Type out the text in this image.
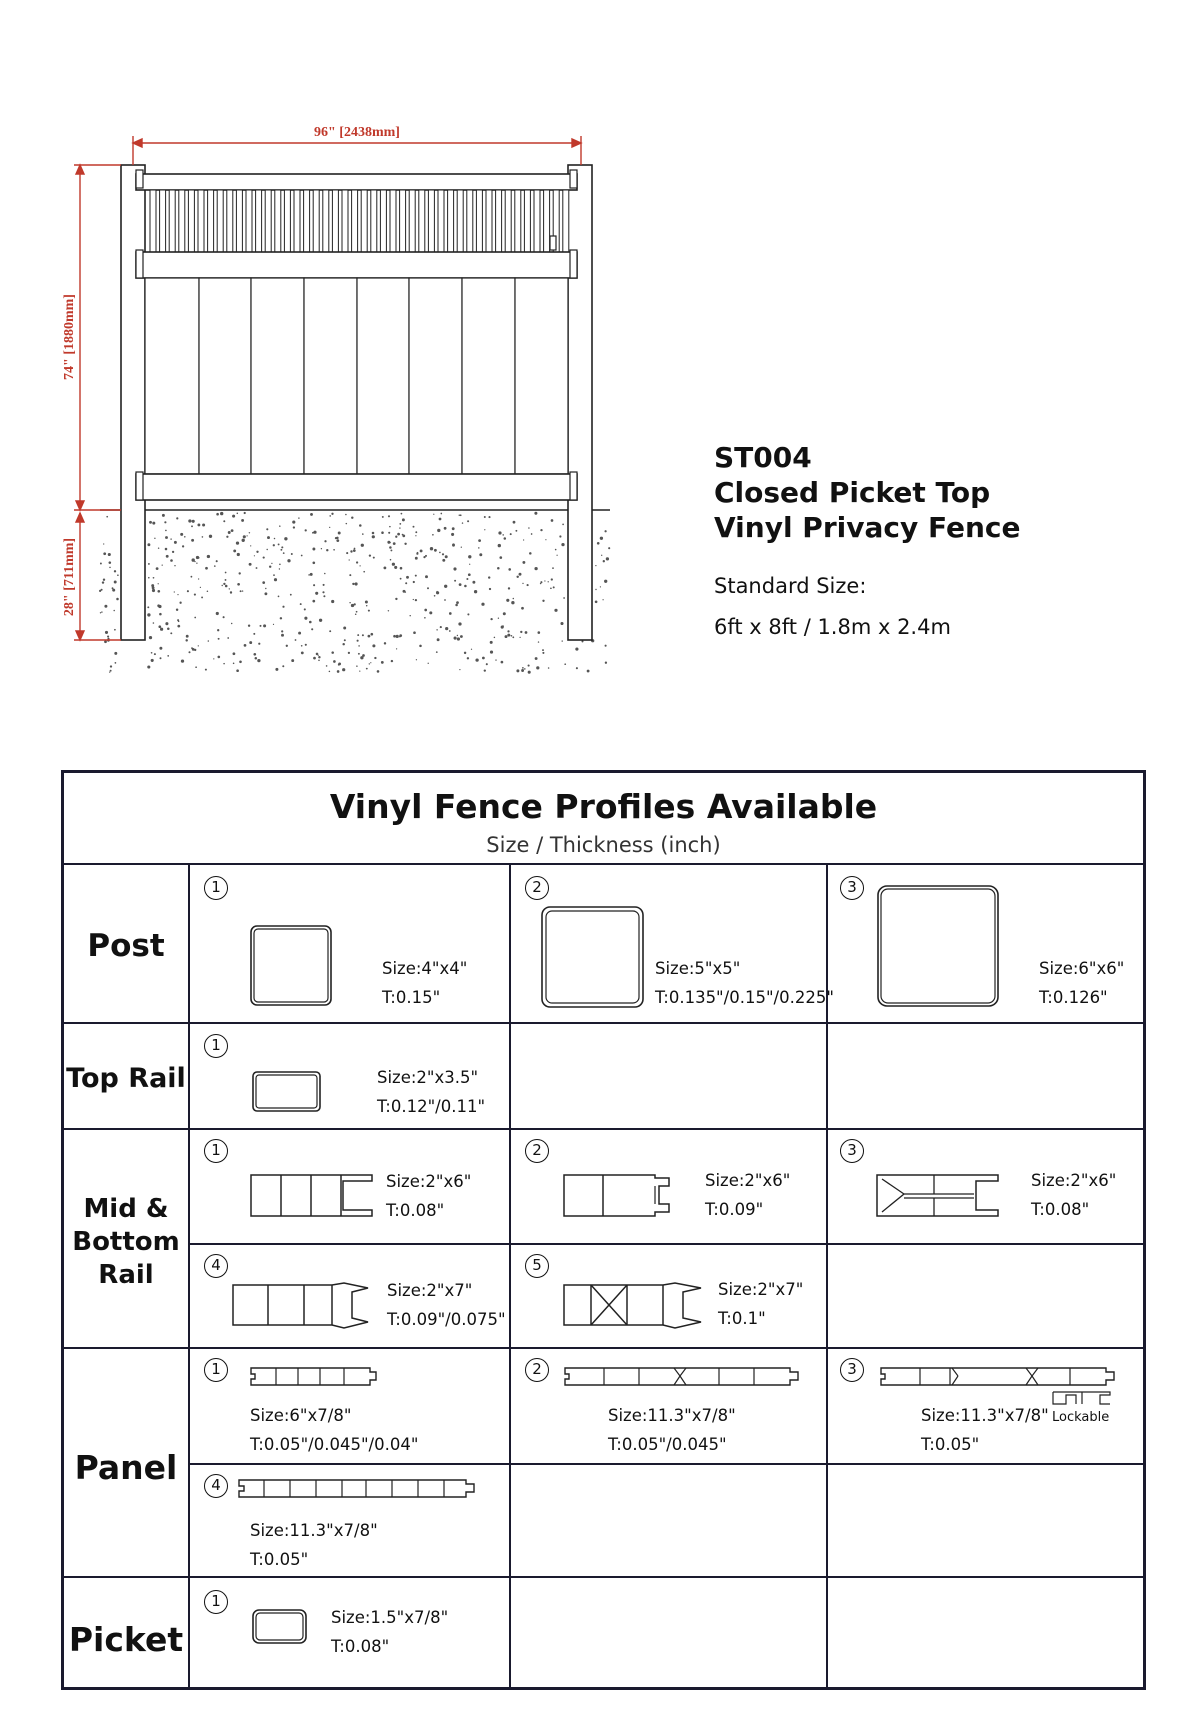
96" [2438mm]
74" [1880mm]
28" [711mm]
ST004
Closed Picket Top
Vinyl Privacy Fence
Standard Size:
6ft x 8ft / 1.8m x 2.4m
Vinyl Fence Profiles Available
Size / Thickness (inch)
Post
Top Rail
Mid &
Bottom
Rail
Panel
Picket
1
Size:4"x4"
T:0.15"
2
Size:5"x5"
T:0.135"/0.15"/0.225"
3
Size:6"x6"
T:0.126"
1
Size:2"x3.5"
T:0.12"/0.11"
1
Size:2"x6"
T:0.08"
2
Size:2"x6"
T:0.09"
3
Size:2"x6"
T:0.08"
4
Size:2"x7"
T:0.09"/0.075"
5
Size:2"x7"
T:0.1"
1
Size:6"x7/8"
T:0.05"/0.045"/0.04"
2
Size:11.3"x7/8"
T:0.05"/0.045"
3
Lockable
Size:11.3"x7/8"
T:0.05"
4
Size:11.3"x7/8"
T:0.05"
1
Size:1.5"x7/8"
T:0.08"
